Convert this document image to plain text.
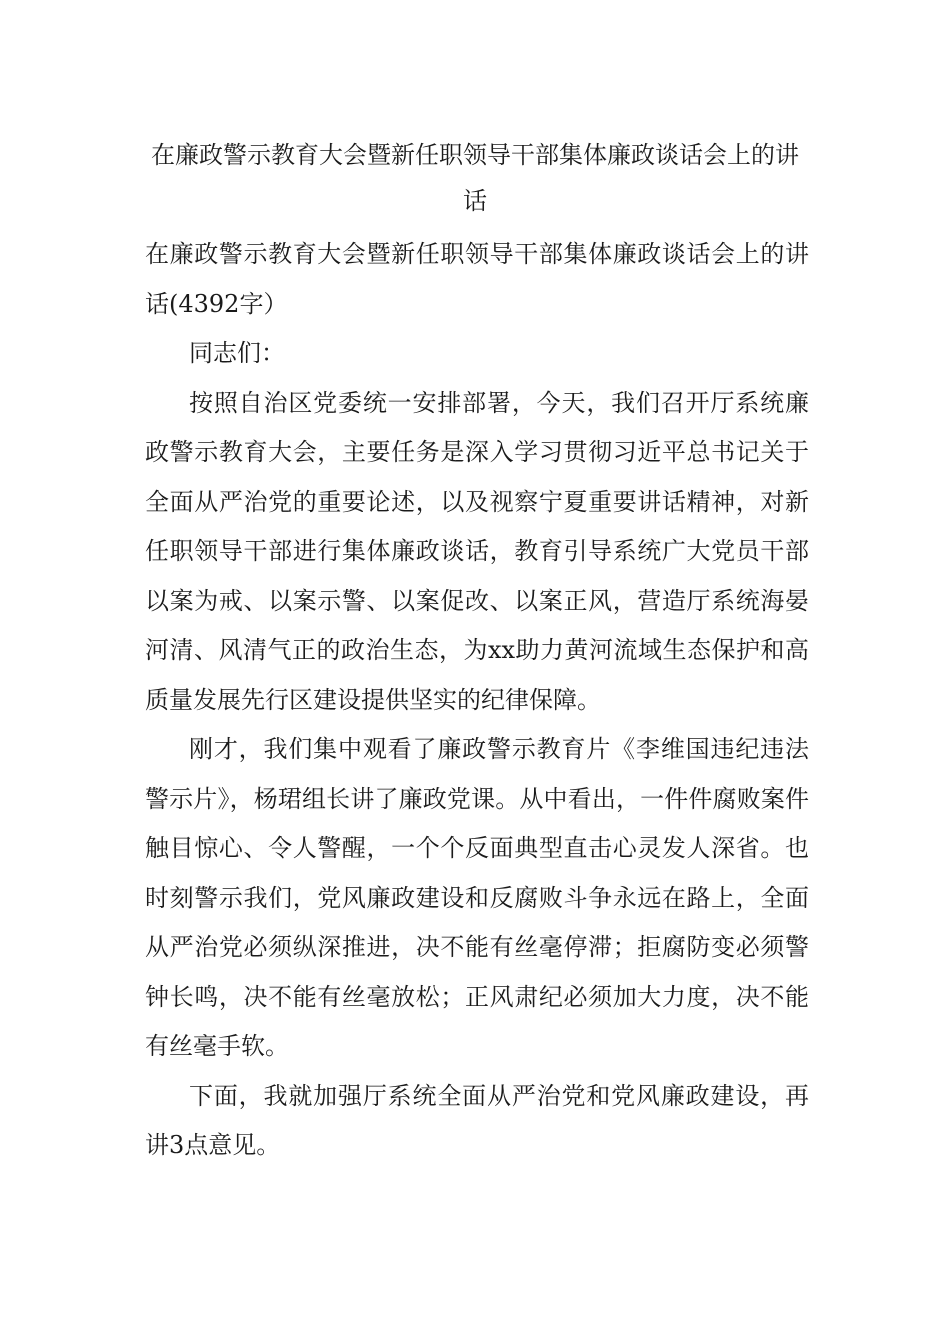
在廉政警示教育大会暨新任职领导干部集体廉政谈话会上的讲话

在廉政警示教育大会暨新任职领导干部集体廉政谈话会上的讲话(4392字）

同志们：

按照自治区党委统一安排部署，今天，我们召开厅系统廉政警示教育大会，主要任务是深入学习贯彻习近平总书记关于全面从严治党的重要论述，以及视察宁夏重要讲话精神，对新任职领导干部进行集体廉政谈话，教育引导系统广大党员干部以案为戒、以案示警、以案促改、以案正风，营造厅系统海晏河清、风清气正的政治生态，为xx助力黄河流域生态保护和高质量发展先行区建设提供坚实的纪律保障。

刚才，我们集中观看了廉政警示教育片《李维国违纪违法警示片》，杨珺组长讲了廉政党课。从中看出，一件件腐败案件触目惊心、令人警醒，一个个反面典型直击心灵发人深省。也时刻警示我们，党风廉政建设和反腐败斗争永远在路上，全面从严治党必须纵深推进，决不能有丝毫停滞；拒腐防变必须警钟长鸣，决不能有丝毫放松；正风肃纪必须加大力度，决不能有丝毫手软。

下面，我就加强厅系统全面从严治党和党风廉政建设，再讲3点意见。
